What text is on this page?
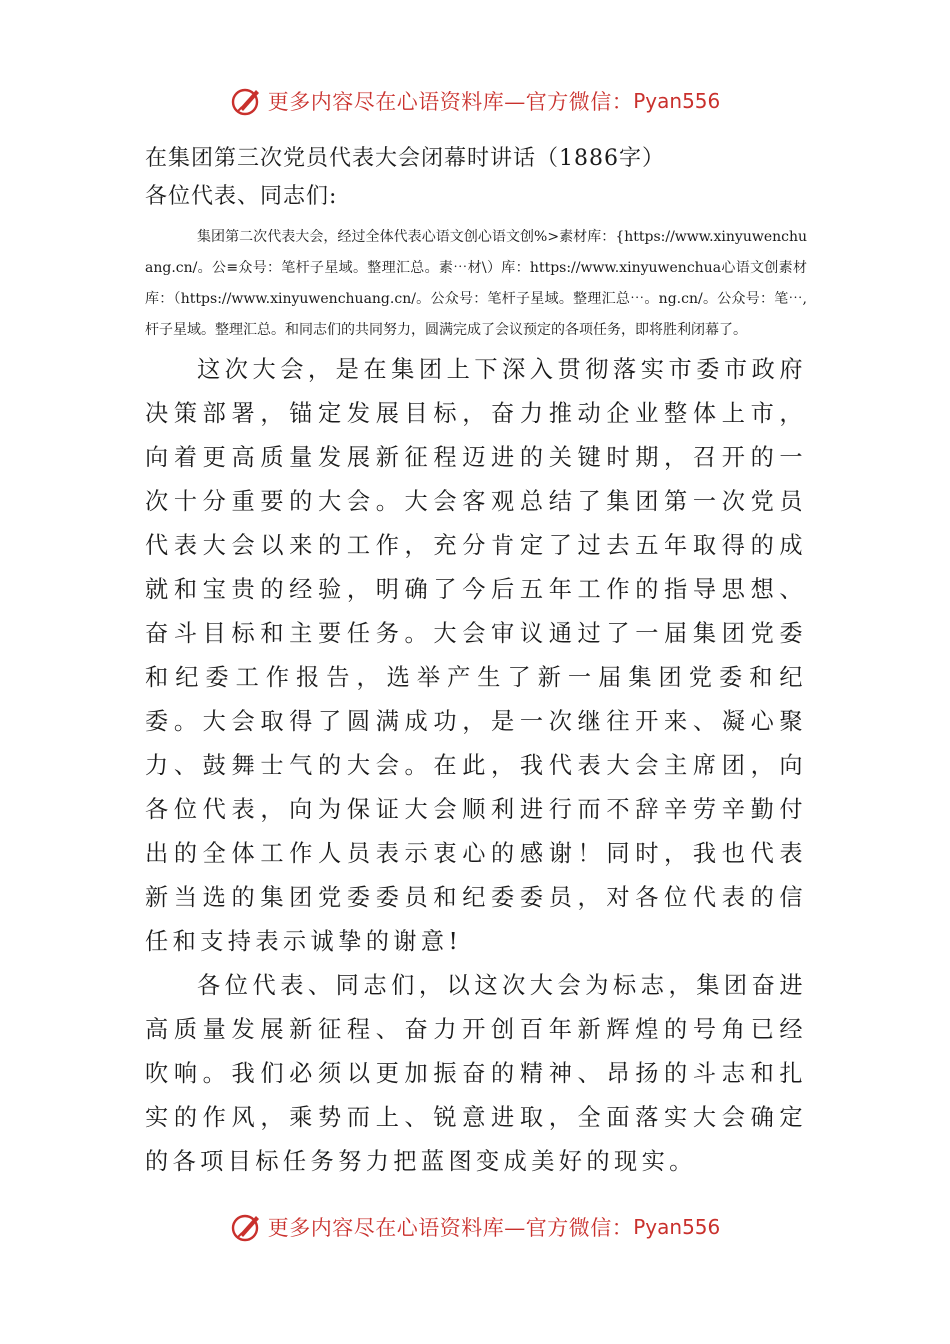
更多内容尽在心语资料库—官方微信： Pyan556

在集团第三次党员代表大会闭幕时讲话（1886字）

各位代表、同志们:

集团第二次代表大会，经过全体代表心语文创心语文创%>素材库：{https://www.xinyuwenchuang.cn/。公≡众号：笔杆子星域。整理汇总。素⋯材\）库：https://www.xinyuwenchua心语文创素材库：（https://www.xinyuwenchuang.cn/。公众号：笔杆子星域。整理汇总⋯。ng.cn/。公众号：笔⋯,杆子星域。整理汇总。和同志们的共同努力，圆满完成了会议预定的各项任务，即将胜利闭幕了。

这次大会，是在集团上下深入贯彻落实市委市政府决策部署，锚定发展目标，奋力推动企业整体上市，向着更高质量发展新征程迈进的关键时期，召开的一次十分重要的大会。大会客观总结了集团第一次党员代表大会以来的工作，充分肯定了过去五年取得的成就和宝贵的经验，明确了今后五年工作的指导思想、奋斗目标和主要任务。大会审议通过了一届集团党委和纪委工作报告，选举产生了新一届集团党委和纪委。大会取得了圆满成功，是一次继往开来、凝心聚力、鼓舞士气的大会。在此，我代表大会主席团，向各位代表，向为保证大会顺利进行而不辞辛劳辛勤付出的全体工作人员表示衷心的感谢！同时，我也代表新当选的集团党委委员和纪委委员，对各位代表的信任和支持表示诚挚的谢意!

各位代表、同志们，以这次大会为标志，集团奋进高质量发展新征程、奋力开创百年新辉煌的号角已经吹响。我们必须以更加振奋的精神、昂扬的斗志和扎实的作风，乘势而上、锐意进取，全面落实大会确定的各项目标任务努力把蓝图变成美好的现实。

更多内容尽在心语资料库—官方微信： Pyan556
